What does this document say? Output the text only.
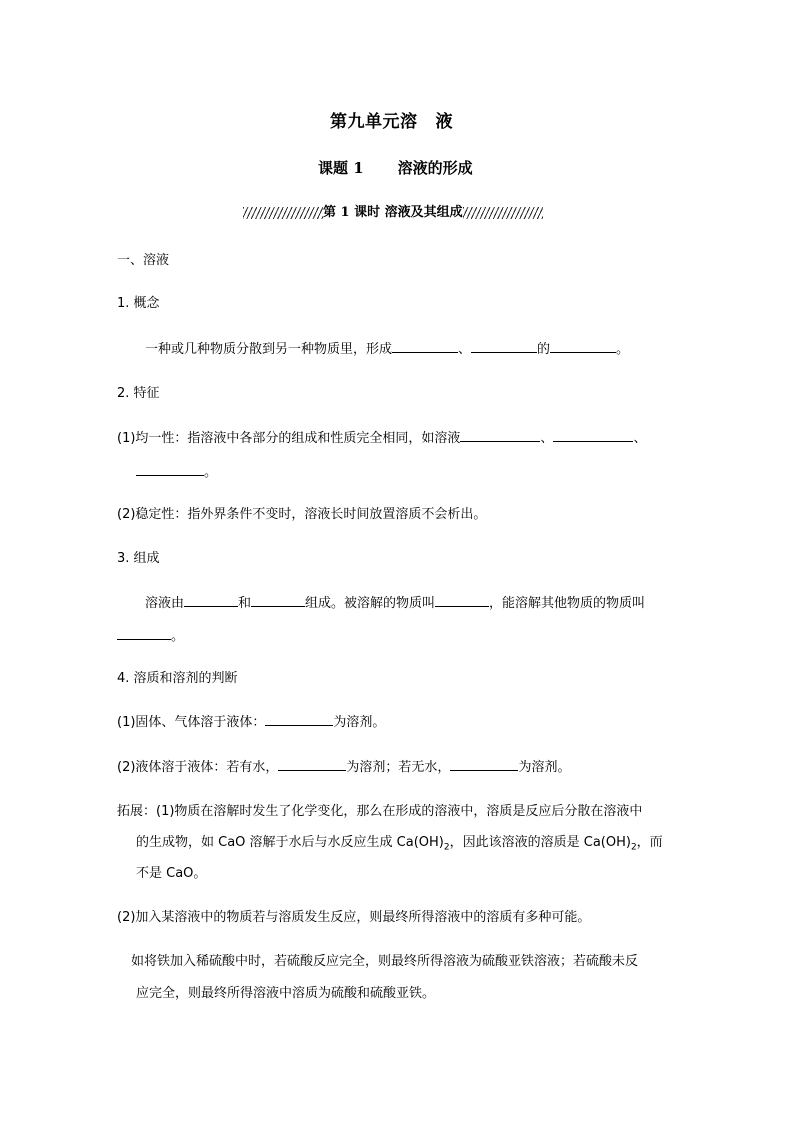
第九单元溶 液
课题 1 溶液的形成
第 1 课时 溶液及其组成
一、溶液
1. 概念
一种或几种物质分散到另一种物质里，形成	、	的	。
2. 特征
(1)均一性：指溶液中各部分的组成和性质完全相同，如溶液	、	、
。
(2)稳定性：指外界条件不变时，溶液长时间放置溶质不会析出。
3. 组成
溶液由	和	组成。被溶解的物质叫	，能溶解其他物质的物质叫
。
4. 溶质和溶剂的判断
(1)固体、气体溶于液体：	为溶剂。
(2)液体溶于液体：若有水，	为溶剂；若无水，	为溶剂。
拓展：(1)物质在溶解时发生了化学变化，那么在形成的溶液中，溶质是反应后分散在溶液中
的生成物，如 CaO 溶解于水后与水反应生成 $Ca(OH)_2$，因此该溶液的溶质是 $Ca(OH)_2$，而
不是 CaO。
(2)加入某溶液中的物质若与溶质发生反应，则最终所得溶液中的溶质有多种可能。
如将铁加入稀硫酸中时，若硫酸反应完全，则最终所得溶液为硫酸亚铁溶液；若硫酸未反
应完全，则最终所得溶液中溶质为硫酸和硫酸亚铁。
